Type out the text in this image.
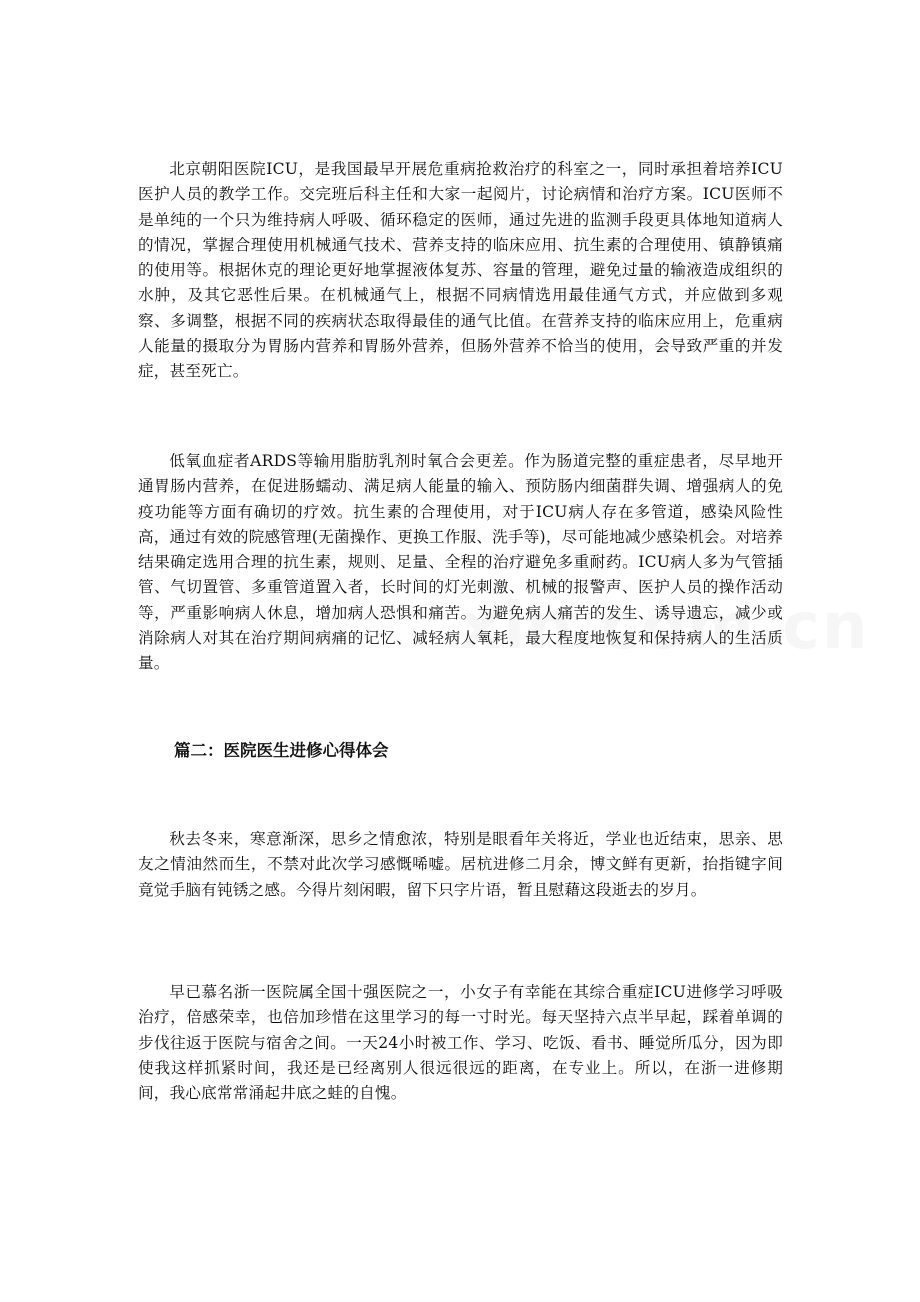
北京朝阳医院ICU，是我国最早开展危重病抢救治疗的科室之一，同时承担着培养ICU医护人员的教学工作。交完班后科主任和大家一起阅片，讨论病情和治疗方案。ICU医师不是单纯的一个只为维持病人呼吸、循环稳定的医师，通过先进的监测手段更具体地知道病人的情况，掌握合理使用机械通气技术、营养支持的临床应用、抗生素的合理使用、镇静镇痛的使用等。根据休克的理论更好地掌握液体复苏、容量的管理，避免过量的输液造成组织的水肿，及其它恶性后果。在机械通气上，根据不同病情选用最佳通气方式，并应做到多观察、多调整，根据不同的疾病状态取得最佳的通气比值。在营养支持的临床应用上，危重病人能量的摄取分为胃肠内营养和胃肠外营养，但肠外营养不恰当的使用，会导致严重的并发症，甚至死亡。

低氧血症者ARDS等输用脂肪乳剂时氧合会更差。作为肠道完整的重症患者，尽早地开通胃肠内营养，在促进肠蠕动、满足病人能量的输入、预防肠内细菌群失调、增强病人的免疫功能等方面有确切的疗效。抗生素的合理使用，对于ICU病人存在多管道，感染风险性高，通过有效的院感管理(无菌操作、更换工作服、洗手等)，尽可能地减少感染机会。对培养结果确定选用合理的抗生素，规则、足量、全程的治疗避免多重耐药。ICU病人多为气管插管、气切置管、多重管道置入者，长时间的灯光刺激、机械的报警声、医护人员的操作活动等，严重影响病人休息，增加病人恐惧和痛苦。为避免病人痛苦的发生、诱导遗忘，减少或消除病人对其在治疗期间病痛的记忆、减轻病人氧耗，最大程度地恢复和保持病人的生活质量。

篇二：医院医生进修心得体会

秋去冬来，寒意渐深，思乡之情愈浓，特别是眼看年关将近，学业也近结束，思亲、思友之情油然而生，不禁对此次学习感慨唏嘘。居杭进修二月余，博文鲜有更新，抬指键字间竟觉手脑有钝锈之感。今得片刻闲暇，留下只字片语，暂且慰藉这段逝去的岁月。

早已慕名浙一医院属全国十强医院之一，小女子有幸能在其综合重症ICU进修学习呼吸治疗，倍感荣幸，也倍加珍惜在这里学习的每一寸时光。每天坚持六点半早起，踩着单调的步伐往返于医院与宿舍之间。一天24小时被工作、学习、吃饭、看书、睡觉所瓜分，因为即使我这样抓紧时间，我还是已经离别人很远很远的距离，在专业上。所以，在浙一进修期间，我心底常常涌起井底之蛙的自愧。
